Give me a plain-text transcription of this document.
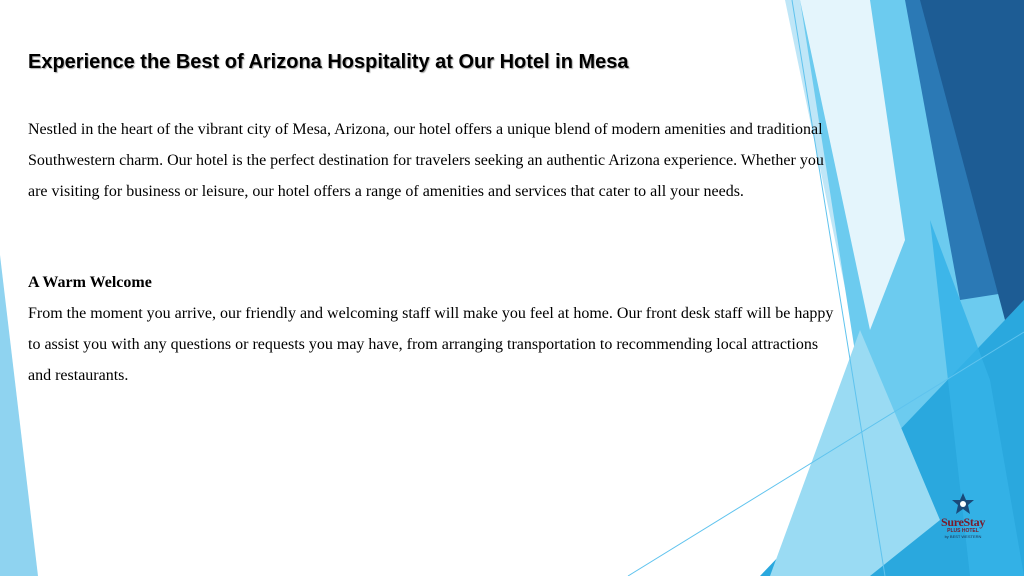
Experience the Best of Arizona Hospitality at Our Hotel in Mesa

Nestled in the heart of the vibrant city of Mesa, Arizona, our hotel offers a unique blend of modern amenities and traditional Southwestern charm. Our hotel is the perfect destination for travelers seeking an authentic Arizona experience. Whether you are visiting for business or leisure, our hotel offers a range of amenities and services that cater to all your needs.

A Warm Welcome

From the moment you arrive, our friendly and welcoming staff will make you feel at home. Our front desk staff will be happy to assist you with any questions or requests you may have, from arranging transportation to recommending local attractions and restaurants.

SureStay
PLUS HOTEL
by BEST WESTERN
